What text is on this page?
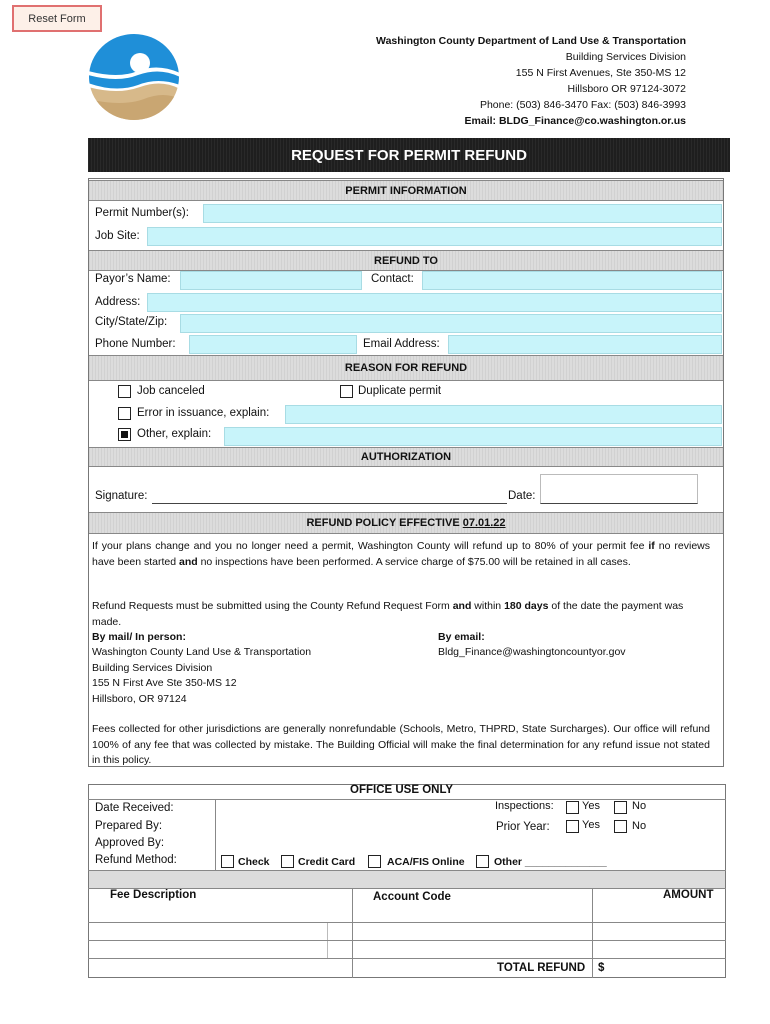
Reset Form
Washington County Department of Land Use & Transportation
Building Services Division
155 N First Avenues, Ste 350-MS 12
Hillsboro OR 97124-3072
Phone: (503) 846-3470 Fax: (503) 846-3993
Email: BLDG_Finance@co.washington.or.us
REQUEST FOR PERMIT REFUND
PERMIT INFORMATION
Permit Number(s):
Job Site:
REFUND TO
Payor’s Name:	Contact:
Address:
City/State/Zip:
Phone Number:	Email Address:
REASON FOR REFUND
Job canceled	Duplicate permit
Error in issuance, explain:
Other, explain:
AUTHORIZATION
Signature:	Date:
REFUND POLICY EFFECTIVE
07.01.22
If your plans change and you no longer need a permit, Washington County will refund up to 80% of your permit fee if no reviews have been started and no inspections have been performed. A service charge of $75.00 will be retained in all cases.
Refund Requests must be submitted using the County Refund Request Form and within 180 days of the date the payment was made.
By mail/ In person:	By email:
Washington County Land Use & Transportation
Building Services Division
155 N First Ave Ste 350-MS 12
Hillsboro, OR 97124
Bldg_Finance@washingtoncountyor.gov
Fees collected for other jurisdictions are generally nonrefundable (Schools, Metro, THPRD, State Surcharges). Our office will refund 100% of any fee that was collected by mistake. The Building Official will make the final determination for any refund issue not stated in this policy.
OFFICE USE ONLY
Date Received:
Prepared By:
Approved By:
Refund Method:
Inspections:	Yes	No
Prior Year:	Yes	No
Check	Credit Card	ACA/FIS Online	Other ______________
Fee Description	Account Code	AMOUNT
TOTAL REFUND $
